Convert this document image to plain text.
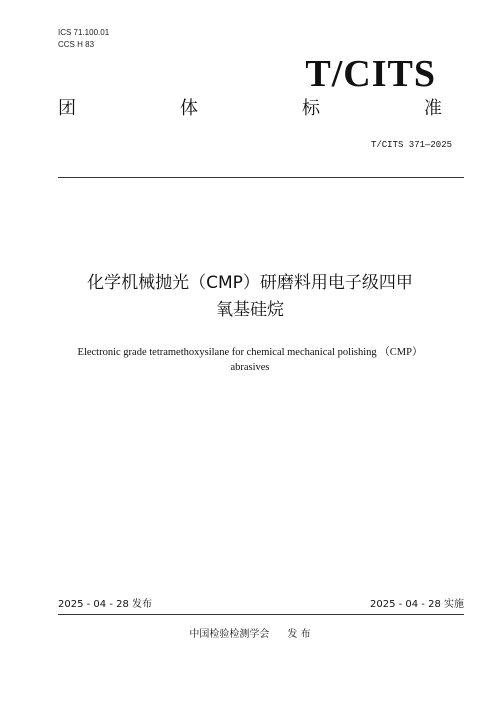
ICS 71.100.01
CCS H 83
T/CITS
团	体	标	准
T/CITS 371—2025
化学机械抛光（CMP）研磨料用电子级四甲
氧基硅烷
Electronic grade tetramethoxysilane for chemical mechanical polishing （CMP）
abrasives
2025 - 04 - 28 发布	2025 - 04 - 28 实施
中国检验检测学会 发 布
